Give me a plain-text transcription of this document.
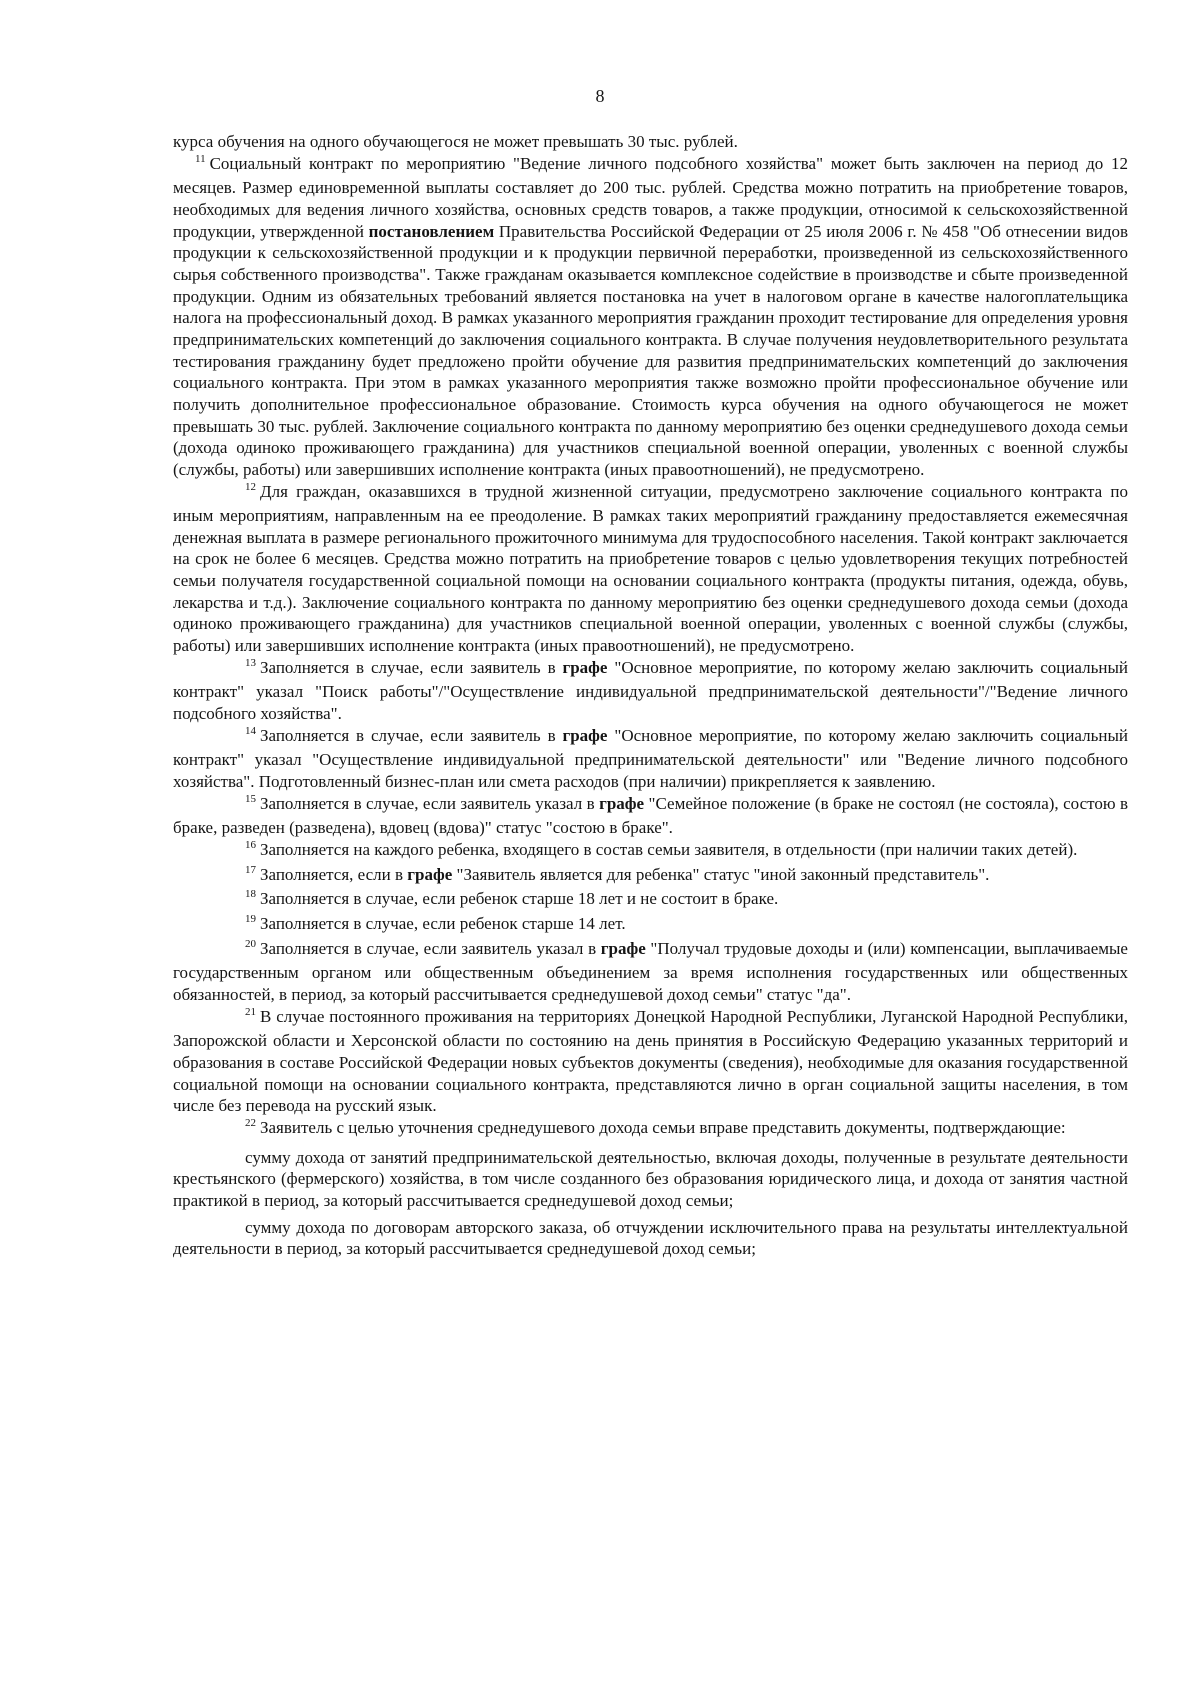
8

курса обучения на одного обучающегося не может превышать 30 тыс. рублей.

$^{11}$ Социальный контракт по мероприятию "Ведение личного подсобного хозяйства" может быть заключен на период до 12 месяцев. Размер единовременной выплаты составляет до 200 тыс. рублей. Средства можно потратить на приобретение товаров, необходимых для ведения личного хозяйства, основных средств товаров, а также продукции, относимой к сельскохозяйственной продукции, утвержденной постановлением Правительства Российской Федерации от 25 июля 2006 г. № 458 "Об отнесении видов продукции к сельскохозяйственной продукции и к продукции первичной переработки, произведенной из сельскохозяйственного сырья собственного производства". Также гражданам оказывается комплексное содействие в производстве и сбыте произведенной продукции. Одним из обязательных требований является постановка на учет в налоговом органе в качестве налогоплательщика налога на профессиональный доход. В рамках указанного мероприятия гражданин проходит тестирование для определения уровня предпринимательских компетенций до заключения социального контракта. В случае получения неудовлетворительного результата тестирования гражданину будет предложено пройти обучение для развития предпринимательских компетенций до заключения социального контракта. При этом в рамках указанного мероприятия также возможно пройти профессиональное обучение или получить дополнительное профессиональное образование. Стоимость курса обучения на одного обучающегося не может превышать 30 тыс. рублей. Заключение социального контракта по данному мероприятию без оценки среднедушевого дохода семьи (дохода одиноко проживающего гражданина) для участников специальной военной операции, уволенных с военной службы (службы, работы) или завершивших исполнение контракта (иных правоотношений), не предусмотрено.

$^{12}$ Для граждан, оказавшихся в трудной жизненной ситуации, предусмотрено заключение социального контракта по иным мероприятиям, направленным на ее преодоление. В рамках таких мероприятий гражданину предоставляется ежемесячная денежная выплата в размере регионального прожиточного минимума для трудоспособного населения. Такой контракт заключается на срок не более 6 месяцев. Средства можно потратить на приобретение товаров с целью удовлетворения текущих потребностей семьи получателя государственной социальной помощи на основании социального контракта (продукты питания, одежда, обувь, лекарства и т.д.). Заключение социального контракта по данному мероприятию без оценки среднедушевого дохода семьи (дохода одиноко проживающего гражданина) для участников специальной военной операции, уволенных с военной службы (службы, работы) или завершивших исполнение контракта (иных правоотношений), не предусмотрено.

$^{13}$ Заполняется в случае, если заявитель в графе "Основное мероприятие, по которому желаю заключить социальный контракт" указал "Поиск работы"/"Осуществление индивидуальной предпринимательской деятельности"/"Ведение личного подсобного хозяйства".

$^{14}$ Заполняется в случае, если заявитель в графе "Основное мероприятие, по которому желаю заключить социальный контракт" указал "Осуществление индивидуальной предпринимательской деятельности" или "Ведение личного подсобного хозяйства". Подготовленный бизнес-план или смета расходов (при наличии) прикрепляется к заявлению.

$^{15}$ Заполняется в случае, если заявитель указал в графе "Семейное положение (в браке не состоял (не состояла), состою в браке, разведен (разведена), вдовец (вдова)" статус "состою в браке".

$^{16}$ Заполняется на каждого ребенка, входящего в состав семьи заявителя, в отдельности (при наличии таких детей).

$^{17}$ Заполняется, если в графе "Заявитель является для ребенка" статус "иной законный представитель".

$^{18}$ Заполняется в случае, если ребенок старше 18 лет и не состоит в браке.

$^{19}$ Заполняется в случае, если ребенок старше 14 лет.

$^{20}$ Заполняется в случае, если заявитель указал в графе "Получал трудовые доходы и (или) компенсации, выплачиваемые государственным органом или общественным объединением за время исполнения государственных или общественных обязанностей, в период, за который рассчитывается среднедушевой доход семьи" статус "да".

$^{21}$ В случае постоянного проживания на территориях Донецкой Народной Республики, Луганской Народной Республики, Запорожской области и Херсонской области по состоянию на день принятия в Российскую Федерацию указанных территорий и образования в составе Российской Федерации новых субъектов документы (сведения), необходимые для оказания государственной социальной помощи на основании социального контракта, представляются лично в орган социальной защиты населения, в том числе без перевода на русский язык.

$^{22}$ Заявитель с целью уточнения среднедушевого дохода семьи вправе представить документы, подтверждающие:

сумму дохода от занятий предпринимательской деятельностью, включая доходы, полученные в результате деятельности крестьянского (фермерского) хозяйства, в том числе созданного без образования юридического лица, и дохода от занятия частной практикой в период, за который рассчитывается среднедушевой доход семьи;

сумму дохода по договорам авторского заказа, об отчуждении исключительного права на результаты интеллектуальной деятельности в период, за который рассчитывается среднедушевой доход семьи;
